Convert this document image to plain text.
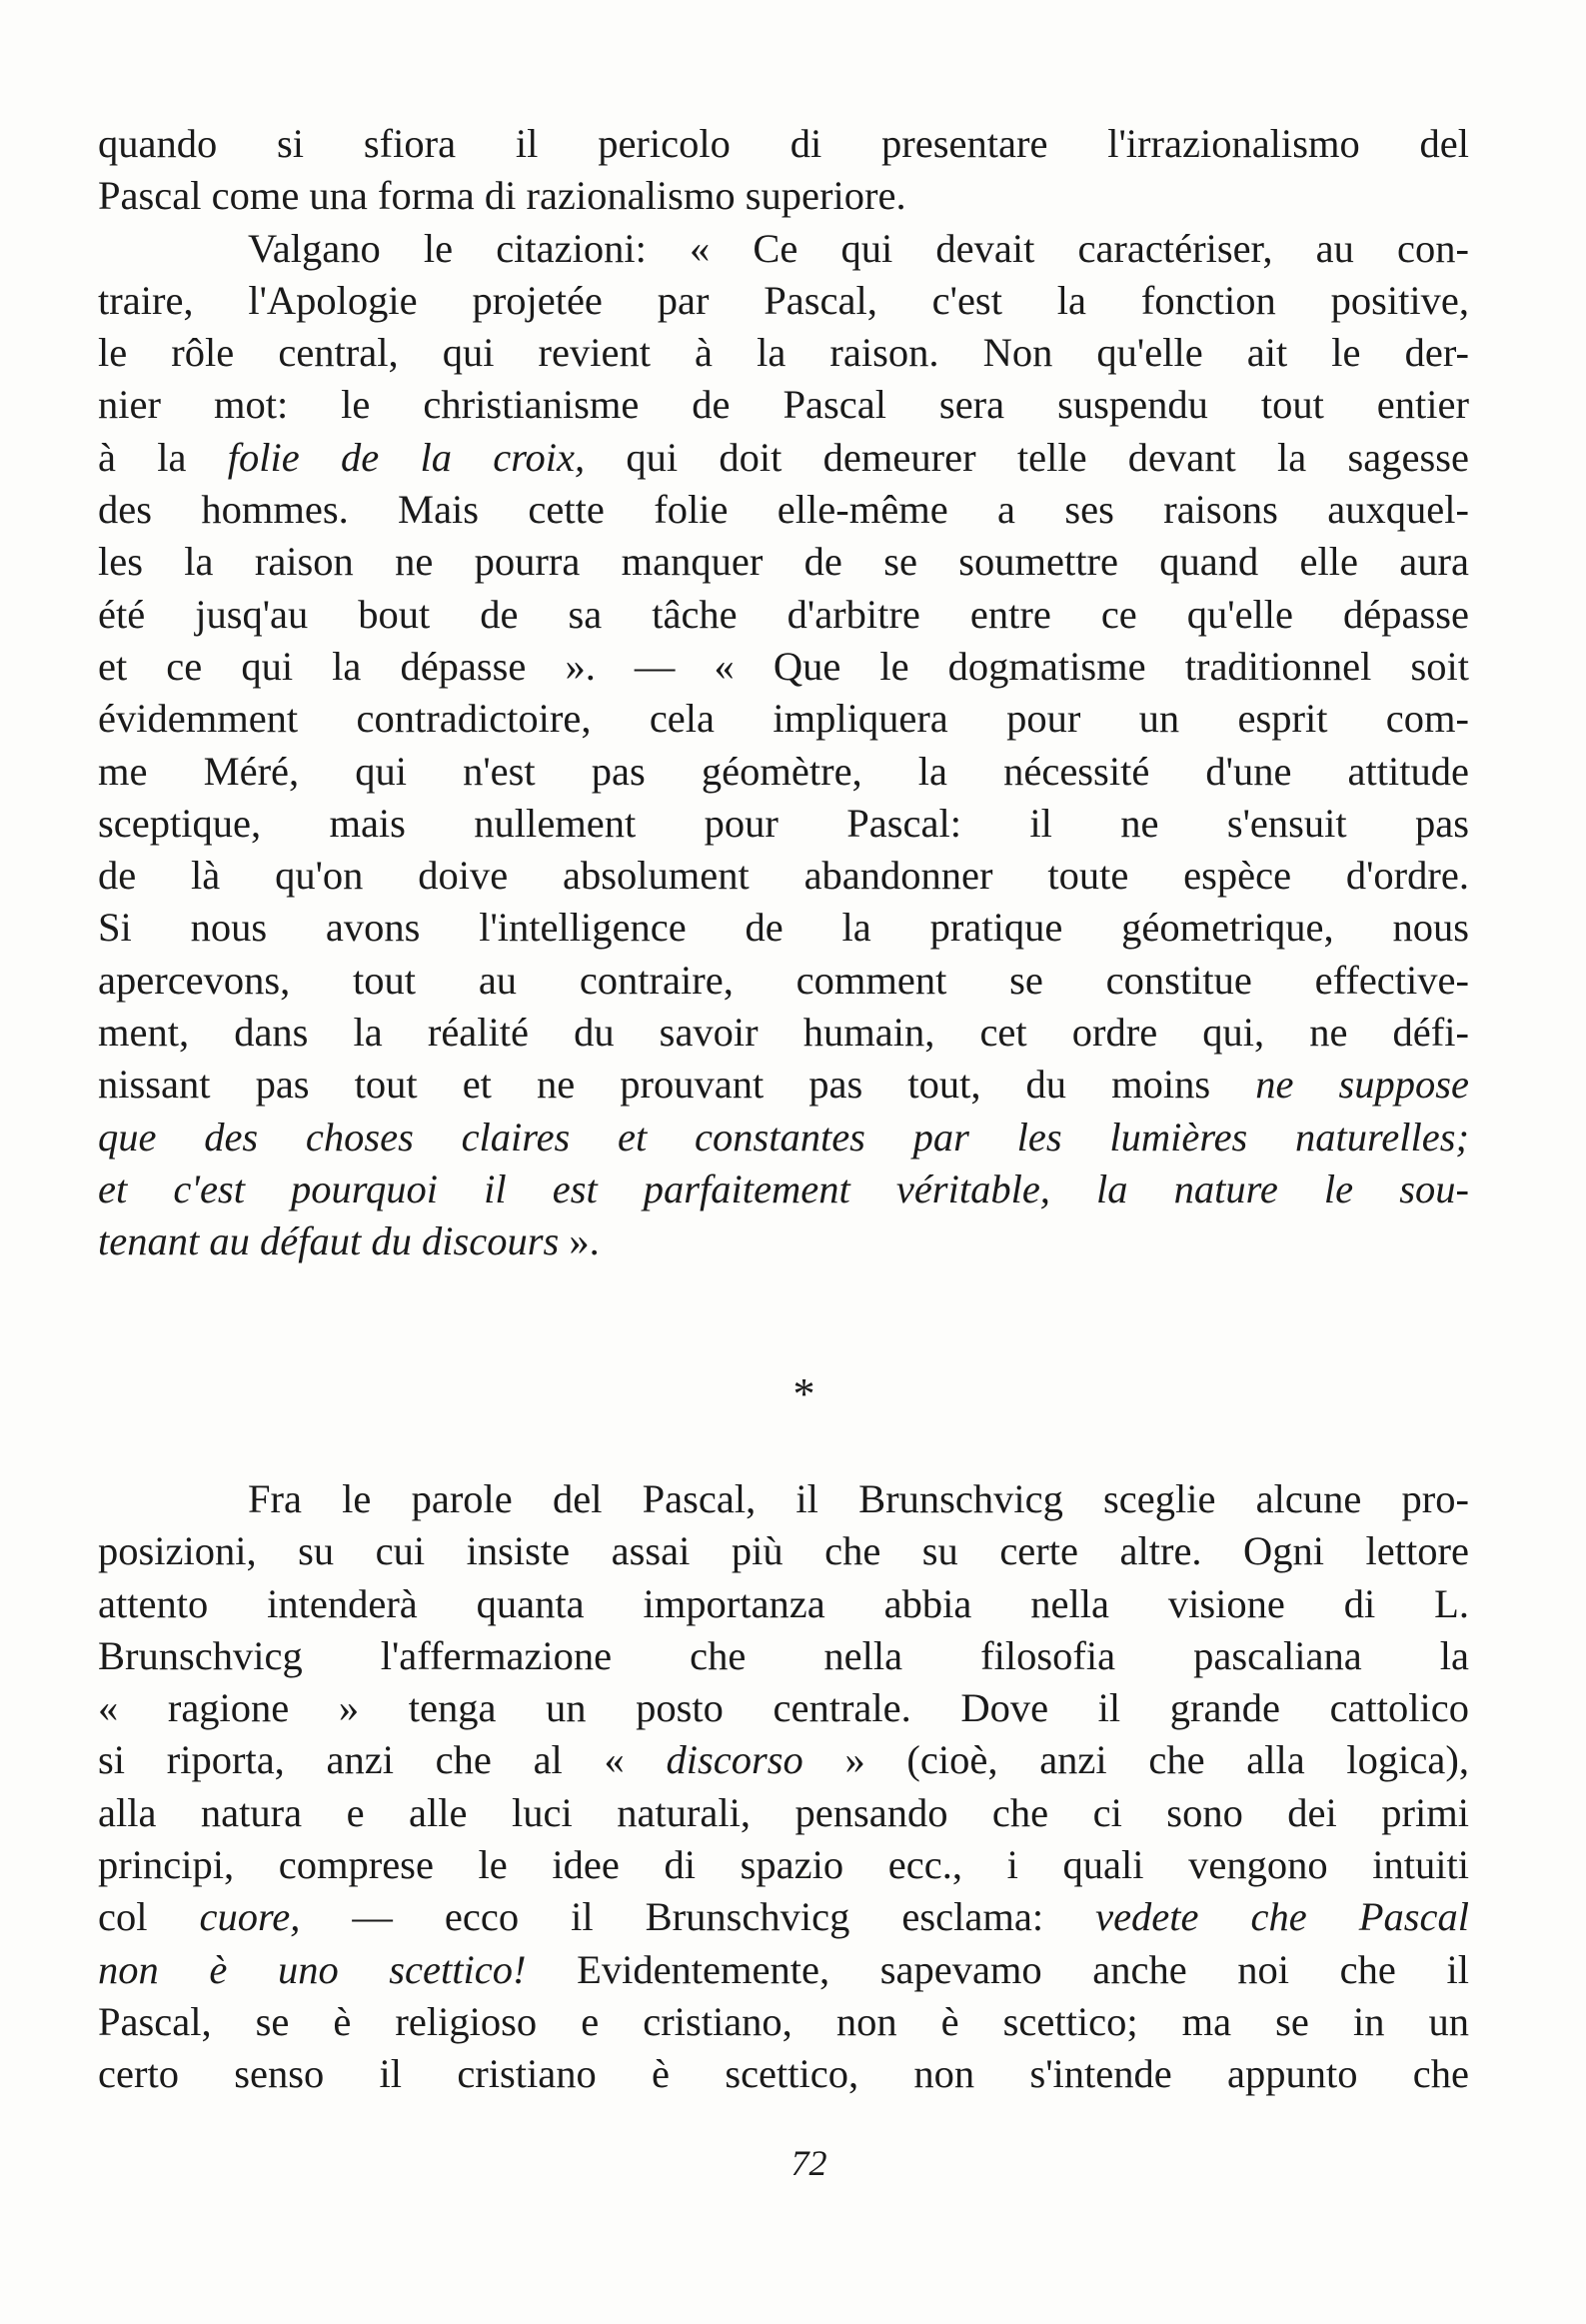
quando si sfiora il pericolo di presentare l'irrazionalismo del
Pascal come una forma di razionalismo superiore.

Valgano le citazioni: « Ce qui devait caractériser, au con-
traire, l'Apologie projetée par Pascal, c'est la fonction positive,
le rôle central, qui revient à la raison. Non qu'elle ait le der-
nier mot: le christianisme de Pascal sera suspendu tout entier
à la folie de la croix, qui doit demeurer telle devant la sagesse
des hommes. Mais cette folie elle-même a ses raisons auxquel-
les la raison ne pourra manquer de se soumettre quand elle aura
été jusq'au bout de sa tâche d'arbitre entre ce qu'elle dépasse
et ce qui la dépasse ». — « Que le dogmatisme traditionnel soit
évidemment contradictoire, cela impliquera pour un esprit com-
me Méré, qui n'est pas géomètre, la nécessité d'une attitude
sceptique, mais nullement pour Pascal: il ne s'ensuit pas
de là qu'on doive absolument abandonner toute espèce d'ordre.
Si nous avons l'intelligence de la pratique géometrique, nous
apercevons, tout au contraire, comment se constitue effective-
ment, dans la réalité du savoir humain, cet ordre qui, ne défi-
nissant pas tout et ne prouvant pas tout, du moins ne suppose
que des choses claires et constantes par les lumières naturelles;
et c'est pourquoi il est parfaitement véritable, la nature le sou-
tenant au défaut du discours ».

*

Fra le parole del Pascal, il Brunschvicg sceglie alcune pro-
posizioni, su cui insiste assai più che su certe altre. Ogni lettore
attento intenderà quanta importanza abbia nella visione di L.
Brunschvicg l'affermazione che nella filosofia pascaliana la
« ragione » tenga un posto centrale. Dove il grande cattolico
si riporta, anzi che al « discorso » (cioè, anzi che alla logica),
alla natura e alle luci naturali, pensando che ci sono dei primi
principi, comprese le idee di spazio ecc., i quali vengono intuiti
col cuore, — ecco il Brunschvicg esclama: vedete che Pascal
non è uno scettico! Evidentemente, sapevamo anche noi che il
Pascal, se è religioso e cristiano, non è scettico; ma se in un
certo senso il cristiano è scettico, non s'intende appunto che

72
